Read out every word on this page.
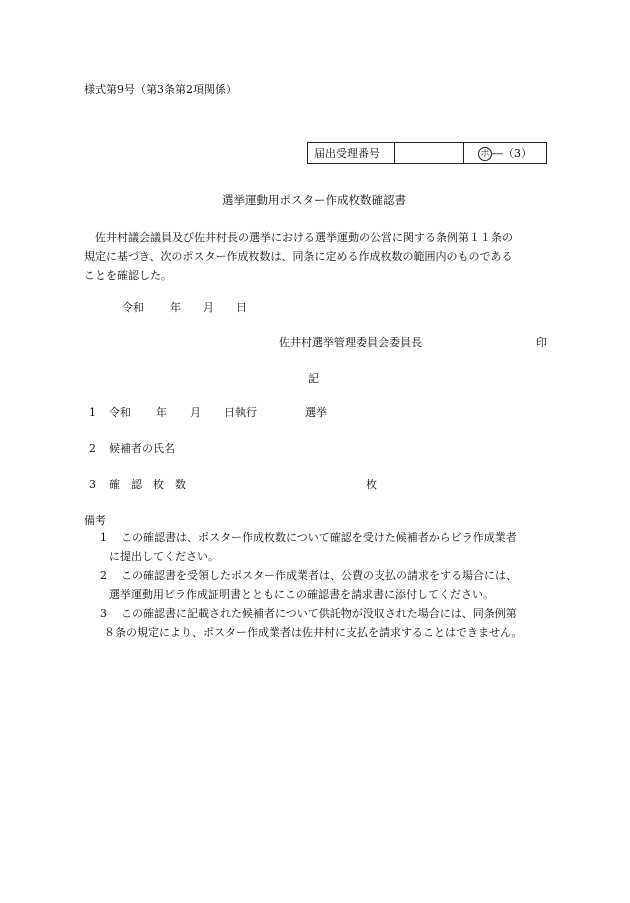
様式第9号（第3条第2項関係）
届出受理番号		ポ ―（3）
選挙運動用ポスター作成枚数確認書
　佐井村議会議員及び佐井村長の選挙における選挙運動の公営に関する条例第１１条の
規定に基づき、次のポスター作成枚数は、同条に定める作成枚数の範囲内のものである
ことを確認した。
令和 年 月 日
佐井村選挙管理委員会委員長	印
記
1 令和 年 月 日執行	選挙
2 候補者の氏名
3 確　認　枚　数	枚
備考
1 この確認書は、ポスター作成枚数について確認を受けた候補者からビラ作成業者
に提出してください。
2 この確認書を受領したポスター作成業者は、公費の支払の請求をする場合には、
選挙運動用ビラ作成証明書とともにこの確認書を請求書に添付してください。
3 この確認書に記載された候補者について供託物が没収された場合には、同条例第
８条の規定により、ポスター作成業者は佐井村に支払を請求することはできません。
